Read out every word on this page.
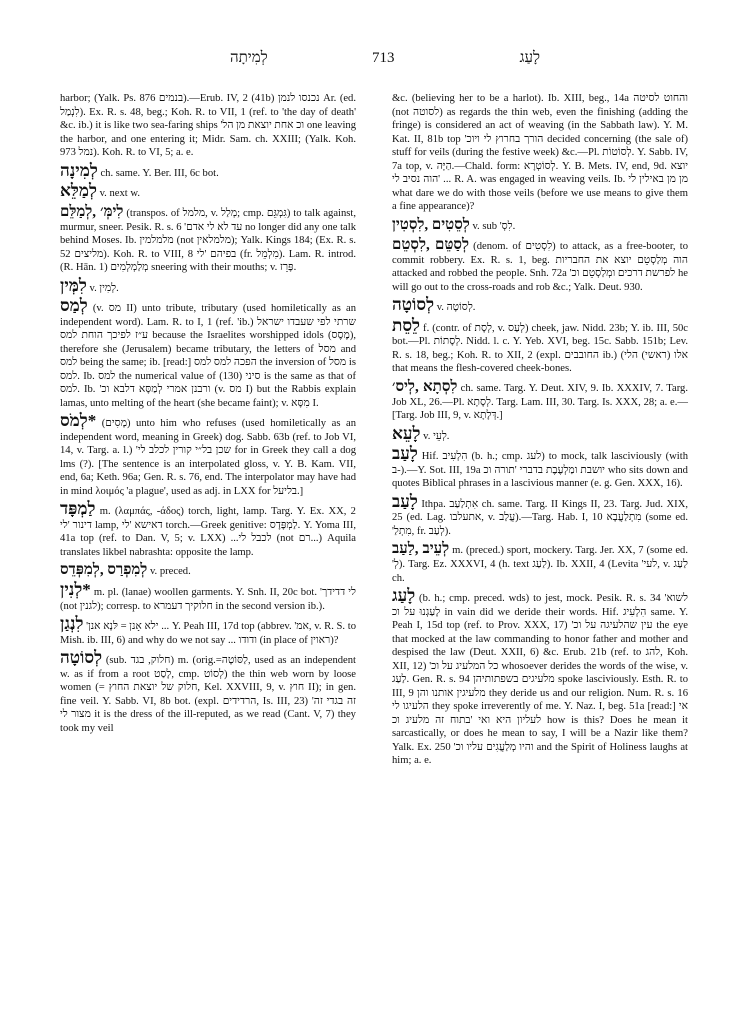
לְמִיתָה	713	לָעַג
harbor; (Yalk. Ps. 876 בנמים).—Erub. IV, 2 (41b) נכנסו לנמן Ar. (ed. לִנְמַל). Ex. R. s. 48, beg.; Koh. R. to VII, 1 (ref. to 'the day of death' &c. ib.) it is like two sea-faring ships 'וכ אחת יוצאת מן הל one leaving the harbor, and one entering it; Midr. Sam. ch. XXIII; (Yalk. Koh. 973 נמל). Koh. R. to VI, 5; a. e.
לְמִינָה ch. same. Y. Ber. III, 6c bot.
לְמַלֵּא v. next w.
לִימְּ׳ ,לְמַלֵּם (transpos. of מלמל, v. מְלַל; cmp. גִּמְגֵּם) to talk against, murmur, sneer. Pesik. R. s. 6 'עד לא לי אדם no longer did any one talk behind Moses. Ib. מלמלמין (not מלמלאין); Yalk. Kings 184; (Ex. R. s. 52 מליצים). Koh. R. to VIII, 8 בפיהם 'לי (fr. מִלְמֵל). Lam. R. introd. (R. Hān. 1) מְלַמְלְמִים sneering with their mouths; v. פָּרֵז.
לִמְּין v. לְמִין.
לְמַס (v. מס II) unto tribute, tributary (used homiletically as an independent word). Lam. R. to I, 1 (ref. 'ib.) שרתי לפי שעבדו ישראל ע״ז לפיכך הוחת למס because the Israelites worshipped idols (מֶסֶס), therefore she (Jerusalem) became tributary, the letters of מסל and למס being the same; ib. [read:] הפכה למס למס the inversion of מסל is למס. Ib. למס the numerical value of סיני (130) is the same as that of למס. Ib. 'ורבנן אמרי לְמַסָּא דלבא וכ (v. מס I) but the Rabbis explain lamas, unto melting of the heart (she became faint); v. מִסָּא I.
*לְמֹס (מָסִים) unto him who refuses (used homiletically as an independent word, meaning in Greek) dog. Sabb. 63b (ref. to Job VI, 14, v. Targ. a. l.) 'שכן בל״י קורין לכלב לי for in Greek they call a dog lms (?). [The sentence is an interpolated gloss, v. Y. B. Kam. VII, end, 6a; Keth. 96a; Gen. R. s. 76, end. The interpolator may have had in mind λοιμός 'a plague', used as adj. in LXX for בליעל.]
לַמְפָּד m. (λαμπάς, -άδος) torch, light, lamp. Targ. Y. Ex. XX, 2 דינור 'לי lamp, דאישא 'לי torch.—Greek genitive: לַמְפָּדָס. Y. Yoma III, 41a top (ref. to Dan. V, 5; v. LXX) ...לכבל לי (not רם...) Aquila translates likbel nabrashta: opposite the lamp.
לְמִפְרַס ,לְמִפְּדֵס v. preced.
*לְנִין m. pl. (lanae) woollen garments. Y. Snh. II, 20c bot. 'לי דדידך (not לגנין); corresp. to חלוקיך דעמרא in the second version ib.).
לִנְגַן 'ילא אָנן = לּנָא אנן ... Y. Peah III, 17d top (abbrev. 'אמ, v. R. S. to Mish. ib. III, 6) and why do we not say ... ודודו (in place of ראוין)?
לְסוֹטָה (sub. חלוק, בגד) m. (orig.=לַסּוֹטָה, used as an independent w. as if from a root לָסַט, cmp. לְסוֹט) the thin web worn by loose women (= חלוק של יוצאת החוץ, Kel. XXVIII, 9, v. חוץ II); in gen. fine veil. Y. Sabb. VI, 8b bot. (expl. הרדידים, Is. III, 23) 'זה בגדי זה מצור לי it is the dress of the ill-reputed, as we read (Cant. V, 7) they took my veil
&c. (believing her to be a harlot). Ib. XIII, beg., 14a והחוט לסיטה (not לסוטה) as regards the thin web, even the finishing (adding the fringe) is considered an act of weaving (in the Sabbath law). Y. M. Kat. II, 81b top 'הורך בחרוץ לי ויוכ decided concerning (the sale of) stuff for veils (during the festive week) &c.—Pl. לְסוֹטוֹת. Y. Sabb. IV, 7a top, v. הַיָּה.—Chald. form: לְסוֹטְרָא. Y. B. Mets. IV, end, 9d. יוצא 'הוה נסיב לי ... R. A. was engaged in weaving veils. Ib. מן מן באילין לי what dare we do with those veils (before we use means to give them a fine appearance)?
לְסֵטִים ,לִסְטִין v. sub 'לִסְ.
לְסַטֵּם ,לִסְטֵם (denom. of לִסְטִים) to attack, as a free-booter, to commit robbery. Ex. R. s. 1, beg. הוה מְלַסְטֵם יוצא את החבריות attacked and robbed the people. Snh. 72a 'לפרשת דרכים ומְלַסְטֵם וכ he will go out to the cross-roads and rob &c.; Yalk. Deut. 930.
לְסוֹטָה v. לְסוֹטָה.
לֵסֵת f. (contr. of לְסָת, v. לְעַס) cheek, jaw. Nidd. 23b; Y. ib. III, 50c bot.—Pl. לְסָתוֹת. Nidd. l. c. Y. Yeb. XVI, beg. 15c. Sabb. 151b; Lev. R. s. 18, beg.; Koh. R. to XII, 2 (expl. החובבים ib.) (אלו (ראשי) הלי that means the flesh-covered cheek-bones.
לִסְתָא ,לְיס׳ ch. same. Targ. Y. Deut. XIV, 9. Ib. XXXIV, 7. Targ. Job XL, 26.—Pl. לְסָתָא. Targ. Lam. III, 30. Targ. Is. XXX, 28; a. e.—[Targ. Job III, 9, v. דְּלָתָא.]
לָעֵא v. לְעֵי.
לָעַב Hif. הִלְעִיב (b. h.; cmp. לעג) to mock, talk lasciviously (with ב-).—Y. Sot. III, 19a יושבת ומַלְעֶבֶת בדברי 'תורה וכ who sits down and quotes Biblical phrases in a lascivious manner (e. g. Gen. XXX, 16).
לָעַב Ithpa. אִתְלַעַב ch. same. Targ. II Kings II, 23. Targ. Jud. XIX, 25 (ed. Lag. אתעלבו, v. עֲלַב).—Targ. Hab. I, 10 מִתְלַעֲבָא (some ed. 'מִתְלַ, fr. לְעַב).
לְעֵיב ,לַעַב m. (preced.) sport, mockery. Targ. Jer. XX, 7 (some ed. 'לְ). Targ. Ez. XXXVI, 4 (h. text לַעַג). Ib. XXII, 4 (Levita 'לעי, v. לַעַג ch.
לָעַג (b. h.; cmp. preced. wds) to jest, mock. Pesik. R. s. 34 'לשוא לָעַגְנוּ על וכ in vain did we deride their words. Hif. הִלְעִיג same. Y. Peah I, 15d top (ref. to Prov. XXX, 17) 'עין שהלעיגה על וכ the eye that mocked at the law commanding to honor father and mother and despised the law (Deut. XXII, 6) &c. Erub. 21b (ref. to להג, Koh. XII, 12) 'כל המלעיג על וכ whosoever derides the words of the wise, v. לַעַג. Gen. R. s. 94 מלעיגים בשפתותיהן spoke lasciviously. Esth. R. to III, 9 מלעיגין אותנו והן they deride us and our religion. Num. R. s. 16 הלעיגו לי they spoke irreverently of me. Y. Naz. I, beg. 51a [read:] אי לעליון היא ואי 'בתוח זה מלעיג וכ how is this? Does he mean it sarcastically, or does he mean to say, I will be a Nazir like them? Yalk. Ex. 250 'והיו מְלַעֲגִים עליו וכ and the Spirit of Holiness laughs at him; a. e.
